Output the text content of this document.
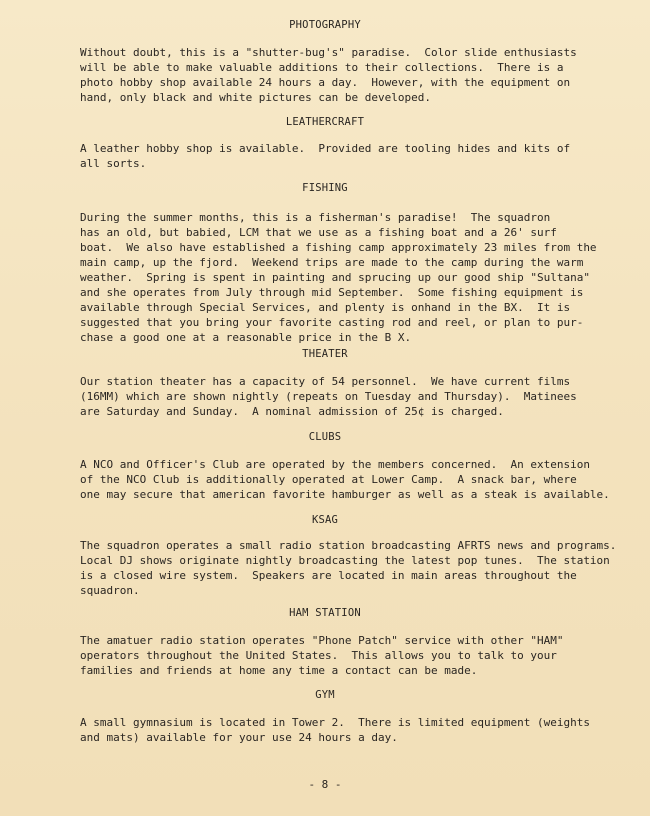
PHOTOGRAPHY

Without doubt, this is a "shutter-bug's" paradise.  Color slide enthusiasts
will be able to make valuable additions to their collections.  There is a
photo hobby shop available 24 hours a day.  However, with the equipment on
hand, only black and white pictures can be developed.

LEATHERCRAFT

A leather hobby shop is available.  Provided are tooling hides and kits of
all sorts.

FISHING

During the summer months, this is a fisherman's paradise!  The squadron
has an old, but babied, LCM that we use as a fishing boat and a 26' surf
boat.  We also have established a fishing camp approximately 23 miles from the
main camp, up the fjord.  Weekend trips are made to the camp during the warm
weather.  Spring is spent in painting and sprucing up our good ship "Sultana"
and she operates from July through mid September.  Some fishing equipment is
available through Special Services, and plenty is onhand in the BX.  It is
suggested that you bring your favorite casting rod and reel, or plan to pur-
chase a good one at a reasonable price in the B X.

THEATER

Our station theater has a capacity of 54 personnel.  We have current films
(16MM) which are shown nightly (repeats on Tuesday and Thursday).  Matinees
are Saturday and Sunday.  A nominal admission of 25¢ is charged.

CLUBS

A NCO and Officer's Club are operated by the members concerned.  An extension
of the NCO Club is additionally operated at Lower Camp.  A snack bar, where
one may secure that american favorite hamburger as well as a steak is available.

KSAG

The squadron operates a small radio station broadcasting AFRTS news and programs.
Local DJ shows originate nightly broadcasting the latest pop tunes.  The station
is a closed wire system.  Speakers are located in main areas throughout the
squadron.

HAM STATION

The amatuer radio station operates "Phone Patch" service with other "HAM"
operators throughout the United States.  This allows you to talk to your
families and friends at home any time a contact can be made.

GYM

A small gymnasium is located in Tower 2.  There is limited equipment (weights
and mats) available for your use 24 hours a day.

- 8 -
